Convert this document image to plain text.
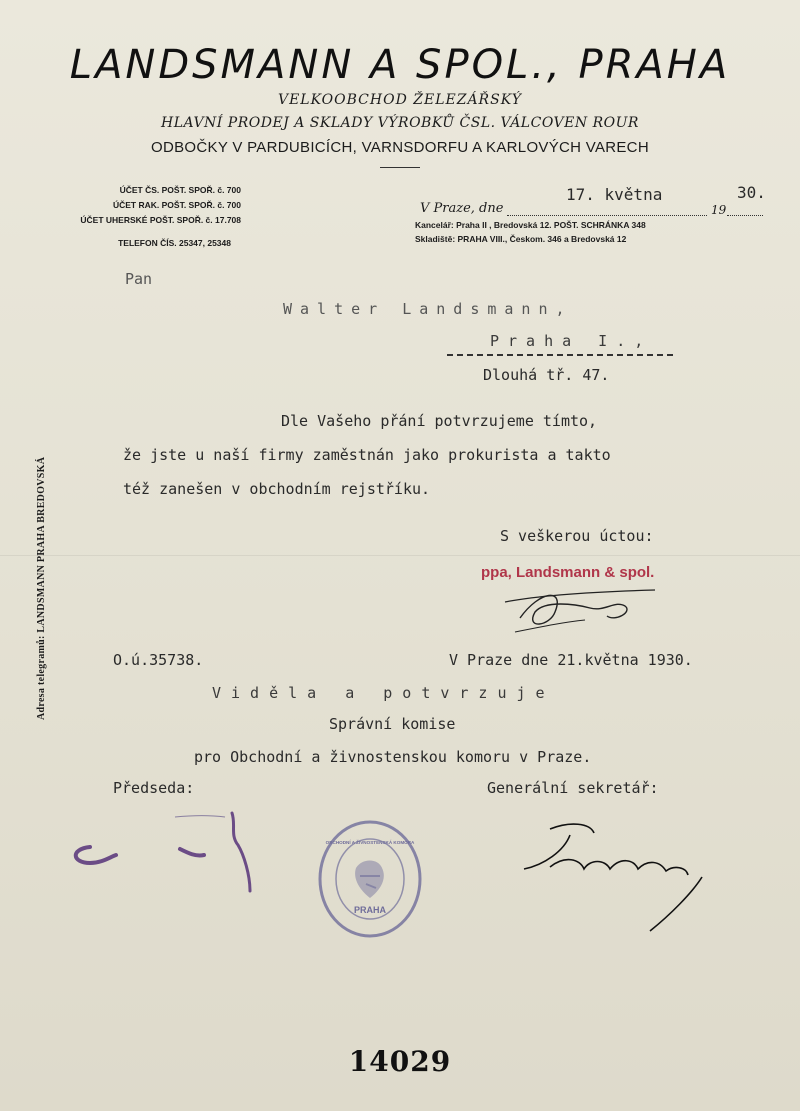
LANDSMANN A SPOL., PRAHA
VELKOOBCHOD ŽELEZÁŘSKÝ
HLAVNÍ PRODEJ A SKLADY VÝROBKŮ ČSL. VÁLCOVEN ROUR
ODBOČKY V PARDUBICÍCH, VARNSDORFU A KARLOVÝCH VARECH
ÚČET ČS. POŠT. SPOŘ. č. 700
ÚČET RAK. POŠT. SPOŘ. č. 700
ÚČET UHERSKÉ POŠT. SPOŘ. č. 17.708
TELEFON ČÍS. 25347, 25348
V Praze, dne
17. května
19
30.
Kancelář: Praha II , Bredovská 12. POŠT. SCHRÁNKA 348
Skladiště: PRAHA VIII., Českom. 346 a Bredovská 12
Pan
Walter Landsmann,
Praha I.,
Dlouhá tř. 47.
Dle Vašeho přání potvrzujeme tímto,
že jste u naší firmy zaměstnán jako prokurista a takto
též zanešen v obchodním rejstříku.
S veškerou úctou:
ppa, Landsmann & spol.
O.ú.35738.	V Praze dne 21.května 1930.
Viděla a potvrzuje
Správní komise
pro Obchodní a živnostenskou komoru v Praze.
Předseda:	Generální sekretář:
PRAHA
OBCHODNÍ A ŽIVNOSTENSKÁ KOMORA
Adresa telegramů: LANDSMANN PRAHA BREDOVSKÁ
14029
